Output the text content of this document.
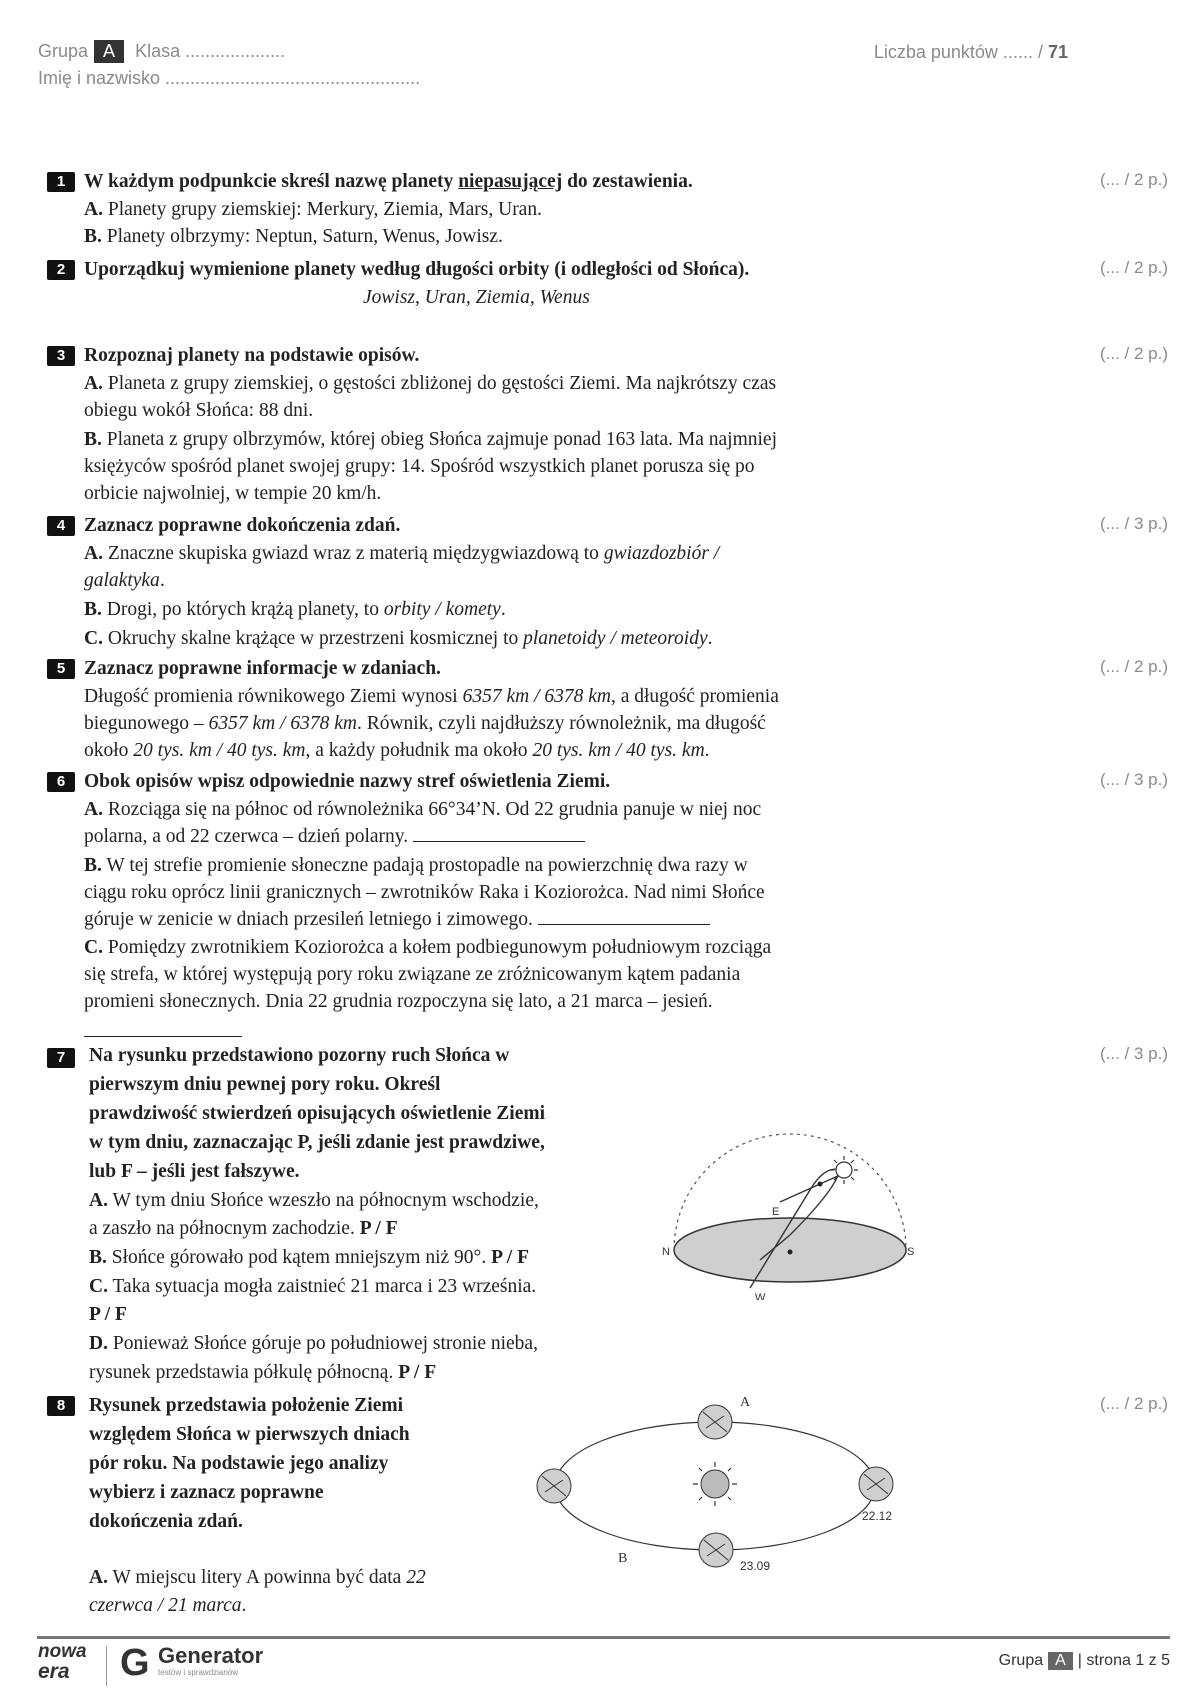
Grupa A Klasa ....................
Imię i nazwisko ...................................................
Liczba punktów ...... / 71
1 W każdym podpunkcie skreśl nazwę planety niepasującej do zestawienia.
A. Planety grupy ziemskiej: Merkury, Ziemia, Mars, Uran.
B. Planety olbrzymy: Neptun, Saturn, Wenus, Jowisz.
(... / 2 p.)
2 Uporządkuj wymienione planety według długości orbity (i odległości od Słońca).
Jowisz, Uran, Ziemia, Wenus
(... / 2 p.)
3 Rozpoznaj planety na podstawie opisów.
A. Planeta z grupy ziemskiej, o gęstości zbliżonej do gęstości Ziemi. Ma najkrótszy czas
obiegu wokół Słońca: 88 dni.
B. Planeta z grupy olbrzymów, której obieg Słońca zajmuje ponad 163 lata. Ma najmniej
księżyców spośród planet swojej grupy: 14. Spośród wszystkich planet porusza się po
orbicie najwolniej, w tempie 20 km/h.
(... / 2 p.)
4 Zaznacz poprawne dokończenia zdań.
A. Znaczne skupiska gwiazd wraz z materią międzygwiazdową to gwiazdozbiór /
galaktyka.
B. Drogi, po których krążą planety, to orbity / komety.
C. Okruchy skalne krążące w przestrzeni kosmicznej to planetoidy / meteoroidy.
(... / 3 p.)
5 Zaznacz poprawne informacje w zdaniach.
Długość promienia równikowego Ziemi wynosi 6357 km / 6378 km, a długość promienia
biegunowego – 6357 km / 6378 km. Równik, czyli najdłuższy równoleżnik, ma długość
około 20 tys. km / 40 tys. km, a każdy południk ma około 20 tys. km / 40 tys. km.
(... / 2 p.)
6 Obok opisów wpisz odpowiednie nazwy stref oświetlenia Ziemi.
A. Rozciąga się na północ od równoleżnika 66°34’N. Od 22 grudnia panuje w niej noc
polarna, a od 22 czerwca – dzień polarny.
B. W tej strefie promienie słoneczne padają prostopadle na powierzchnię dwa razy w
ciągu roku oprócz linii granicznych – zwrotników Raka i Koziorożca. Nad nimi Słońce
góruje w zenicie w dniach przesileń letniego i zimowego.
C. Pomiędzy zwrotnikiem Koziorożca a kołem podbiegunowym południowym rozciąga
się strefa, w której występują pory roku związane ze zróżnicowanym kątem padania
promieni słonecznych. Dnia 22 grudnia rozpoczyna się lato, a 21 marca – jesień.
(... / 3 p.)
7	Na rysunku przedstawiono pozorny ruch Słońca w
pierwszym dniu pewnej pory roku. Określ
prawdziwość stwierdzeń opisujących oświetlenie Ziemi
w tym dniu, zaznaczając P, jeśli zdanie jest prawdziwe,
lub F – jeśli jest fałszywe.
A. W tym dniu Słońce wzeszło na północnym wschodzie,
a zaszło na północnym zachodzie. P / F
B. Słońce górowało pod kątem mniejszym niż 90°. P / F
C. Taka sytuacja mogła zaistnieć 21 marca i 23 września.
P / F
D. Ponieważ Słońce góruje po południowej stronie nieba,
rysunek przedstawia półkulę północną. P / F
(... / 3 p.)
E
W
N	S
8	Rysunek przedstawia położenie Ziemi
względem Słońca w pierwszych dniach
pór roku. Na podstawie jego analizy
wybierz i zaznacz poprawne
dokończenia zdań.
A. W miejscu litery A powinna być data 22
czerwca / 21 marca.
(... / 2 p.)
A
B
22.12
23.09
nowa
era	G Generator
testów i sprawdzianów
Grupa A | strona 1 z 5
